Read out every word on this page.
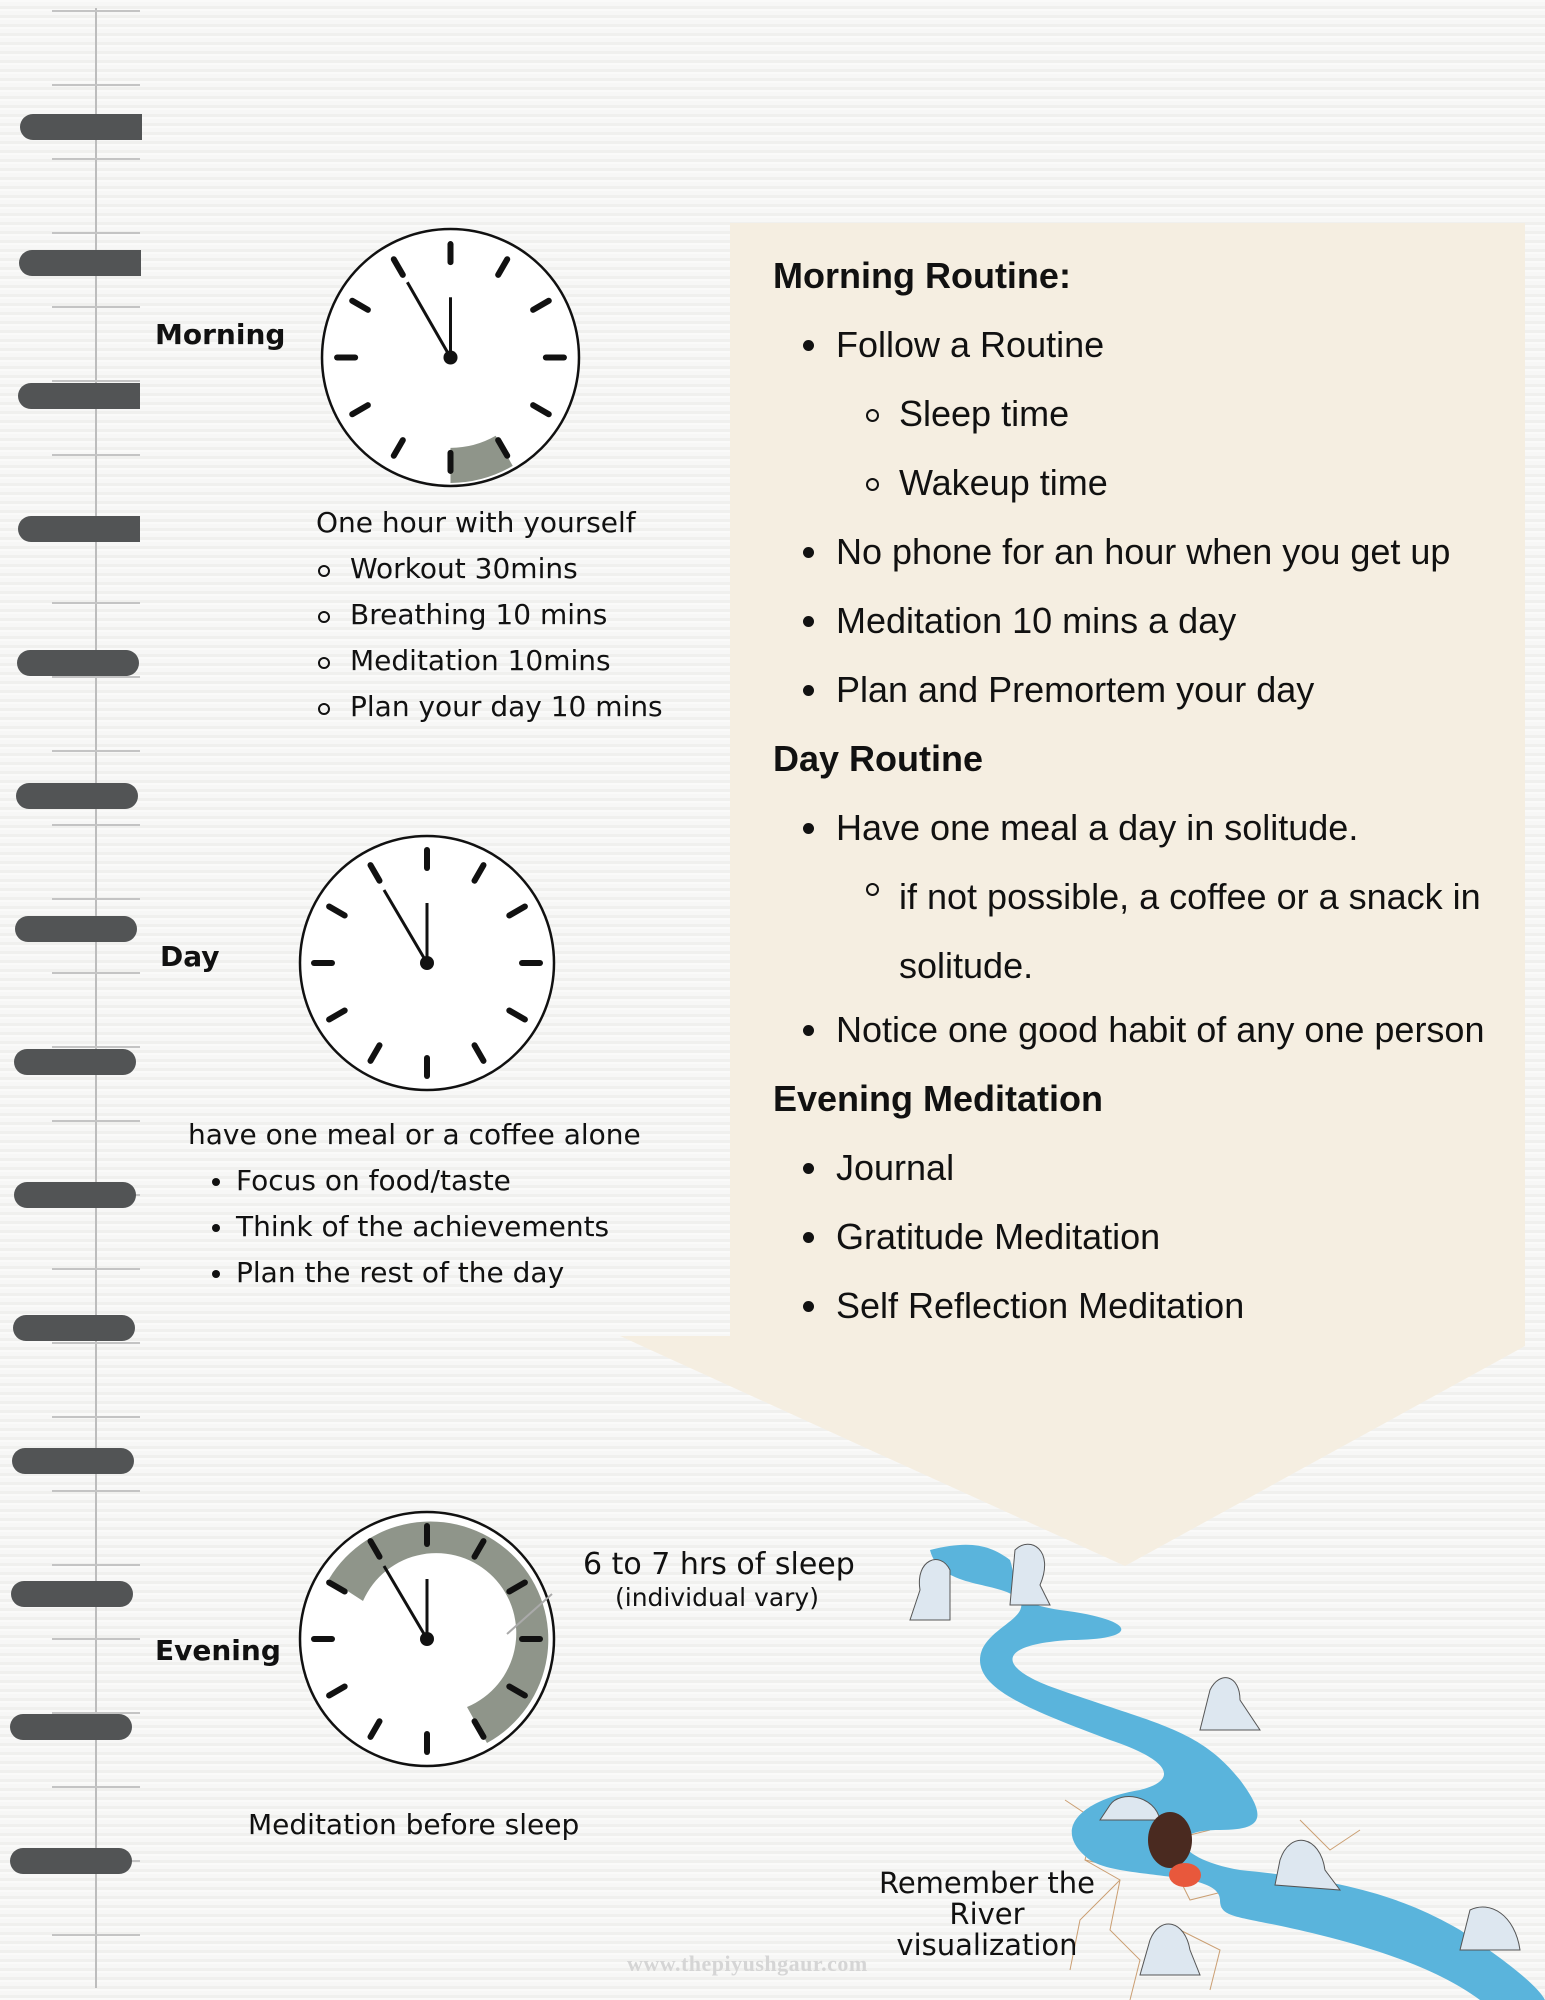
Morning Routine:
Follow a Routine
Sleep time
Wakeup time
No phone for an hour when you get up
Meditation 10 mins a day
Plan and Premortem your day
Day Routine
Have one meal a day in solitude.
if not possible, a coffee or a snack in solitude.
Notice one good habit of any one person
Evening Meditation
Journal
Gratitude Meditation
Self Reflection Meditation
Morning
One hour with yourself
Workout 30mins
Breathing 10 mins
Meditation 10mins
Plan your day 10 mins
Day
have one meal or a coffee alone
Focus on food/taste
Think of the achievements
Plan the rest of the day
Evening
6 to 7 hrs of sleep
(individual vary)
Meditation before sleep
Remember the
River visualization
www.thepiyushgaur.com
